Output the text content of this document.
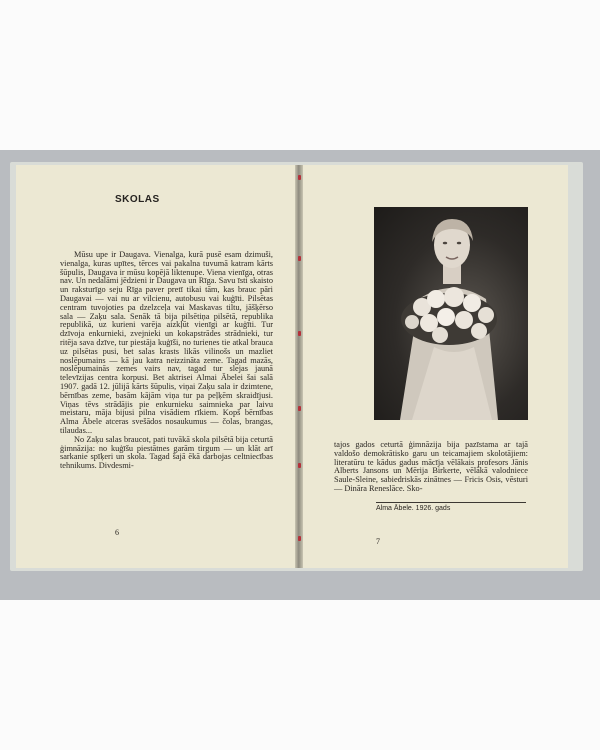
SKOLAS

Mūsu upe ir Daugava. Vienalga, kurā pusē esam dzimuši, vienalga, kuras upītes, tērces vai pakalna tuvumā katram kārts šūpulis, Daugava ir mūsu kopējā liktenupe. Viena vienīga, otras nav. Un nedalāmi jēdzieni ir Daugava un Rīga. Savu īsti skaisto un raksturīgo seju Rīga paver pretī tikai tām, kas brauc pāri Daugavai — vai nu ar vilcienu, autobusu vai kuģīti. Pilsētas centram tuvojoties pa dzelzceļa vai Maskavas tiltu, jāšķērso sala — Zaķu sala. Senāk tā bija pilsētiņa pilsētā, republika republikā, uz kurieni varēja aizkļūt vienīgi ar kuģīti. Tur dzīvoja enkurnieki, zvejnieki un kokapstrādes strādnieki, tur ritēja sava dzīve, tur piestāja kuģīši, no turienes tie atkal brauca uz pilsētas pusi, bet salas krasts likās vilinošs un mazliet noslēpumains — kā jau katra neizzināta zeme. Tagad mazās, noslēpumainās zemes vairs nav, tagad tur slejas jaunā televīzijas centra korpusi. Bet aktrisei Almai Ābelei šai salā 1907. gadā 12. jūlijā kārts šūpulis, viņai Zaķu sala ir dzimtene, bērnības zeme, basām kājām viņa tur pa peļķēm skraidījusi. Viņas tēvs strādājis pie enkurnieku saimnieka par laivu meistaru, māja bijusi pilna visādiem rīkiem. Kopš bērnības Alma Ābele atceras svešādos nosaukumus — čolas, brangas, tilaudas...

No Zaķu salas braucot, pati tuvākā skola pilsētā bija ceturtā ģimnāzija: no kuģīšu piestātnes garām tirgum — un klāt arī sarkanie spīķeri un skola. Tagad šajā ēkā darbojas celtniecības tehnikums. Divdesmi-

6

tajos gados ceturtā ģimnāzija bija pazīstama ar tajā valdošo demokrātisko garu un teicamajiem skolotājiem: literatūru te kādus gadus mācīja vēlākais profesors Jānis Alberts Jansons un Mērija Birkerte, vēlākā valodniece Saule-Sleine, sabiedriskās zinātnes — Fricis Osis, vēsturi — Dināra Reneslāce. Sko-

Alma Ābele. 1926. gads
7
